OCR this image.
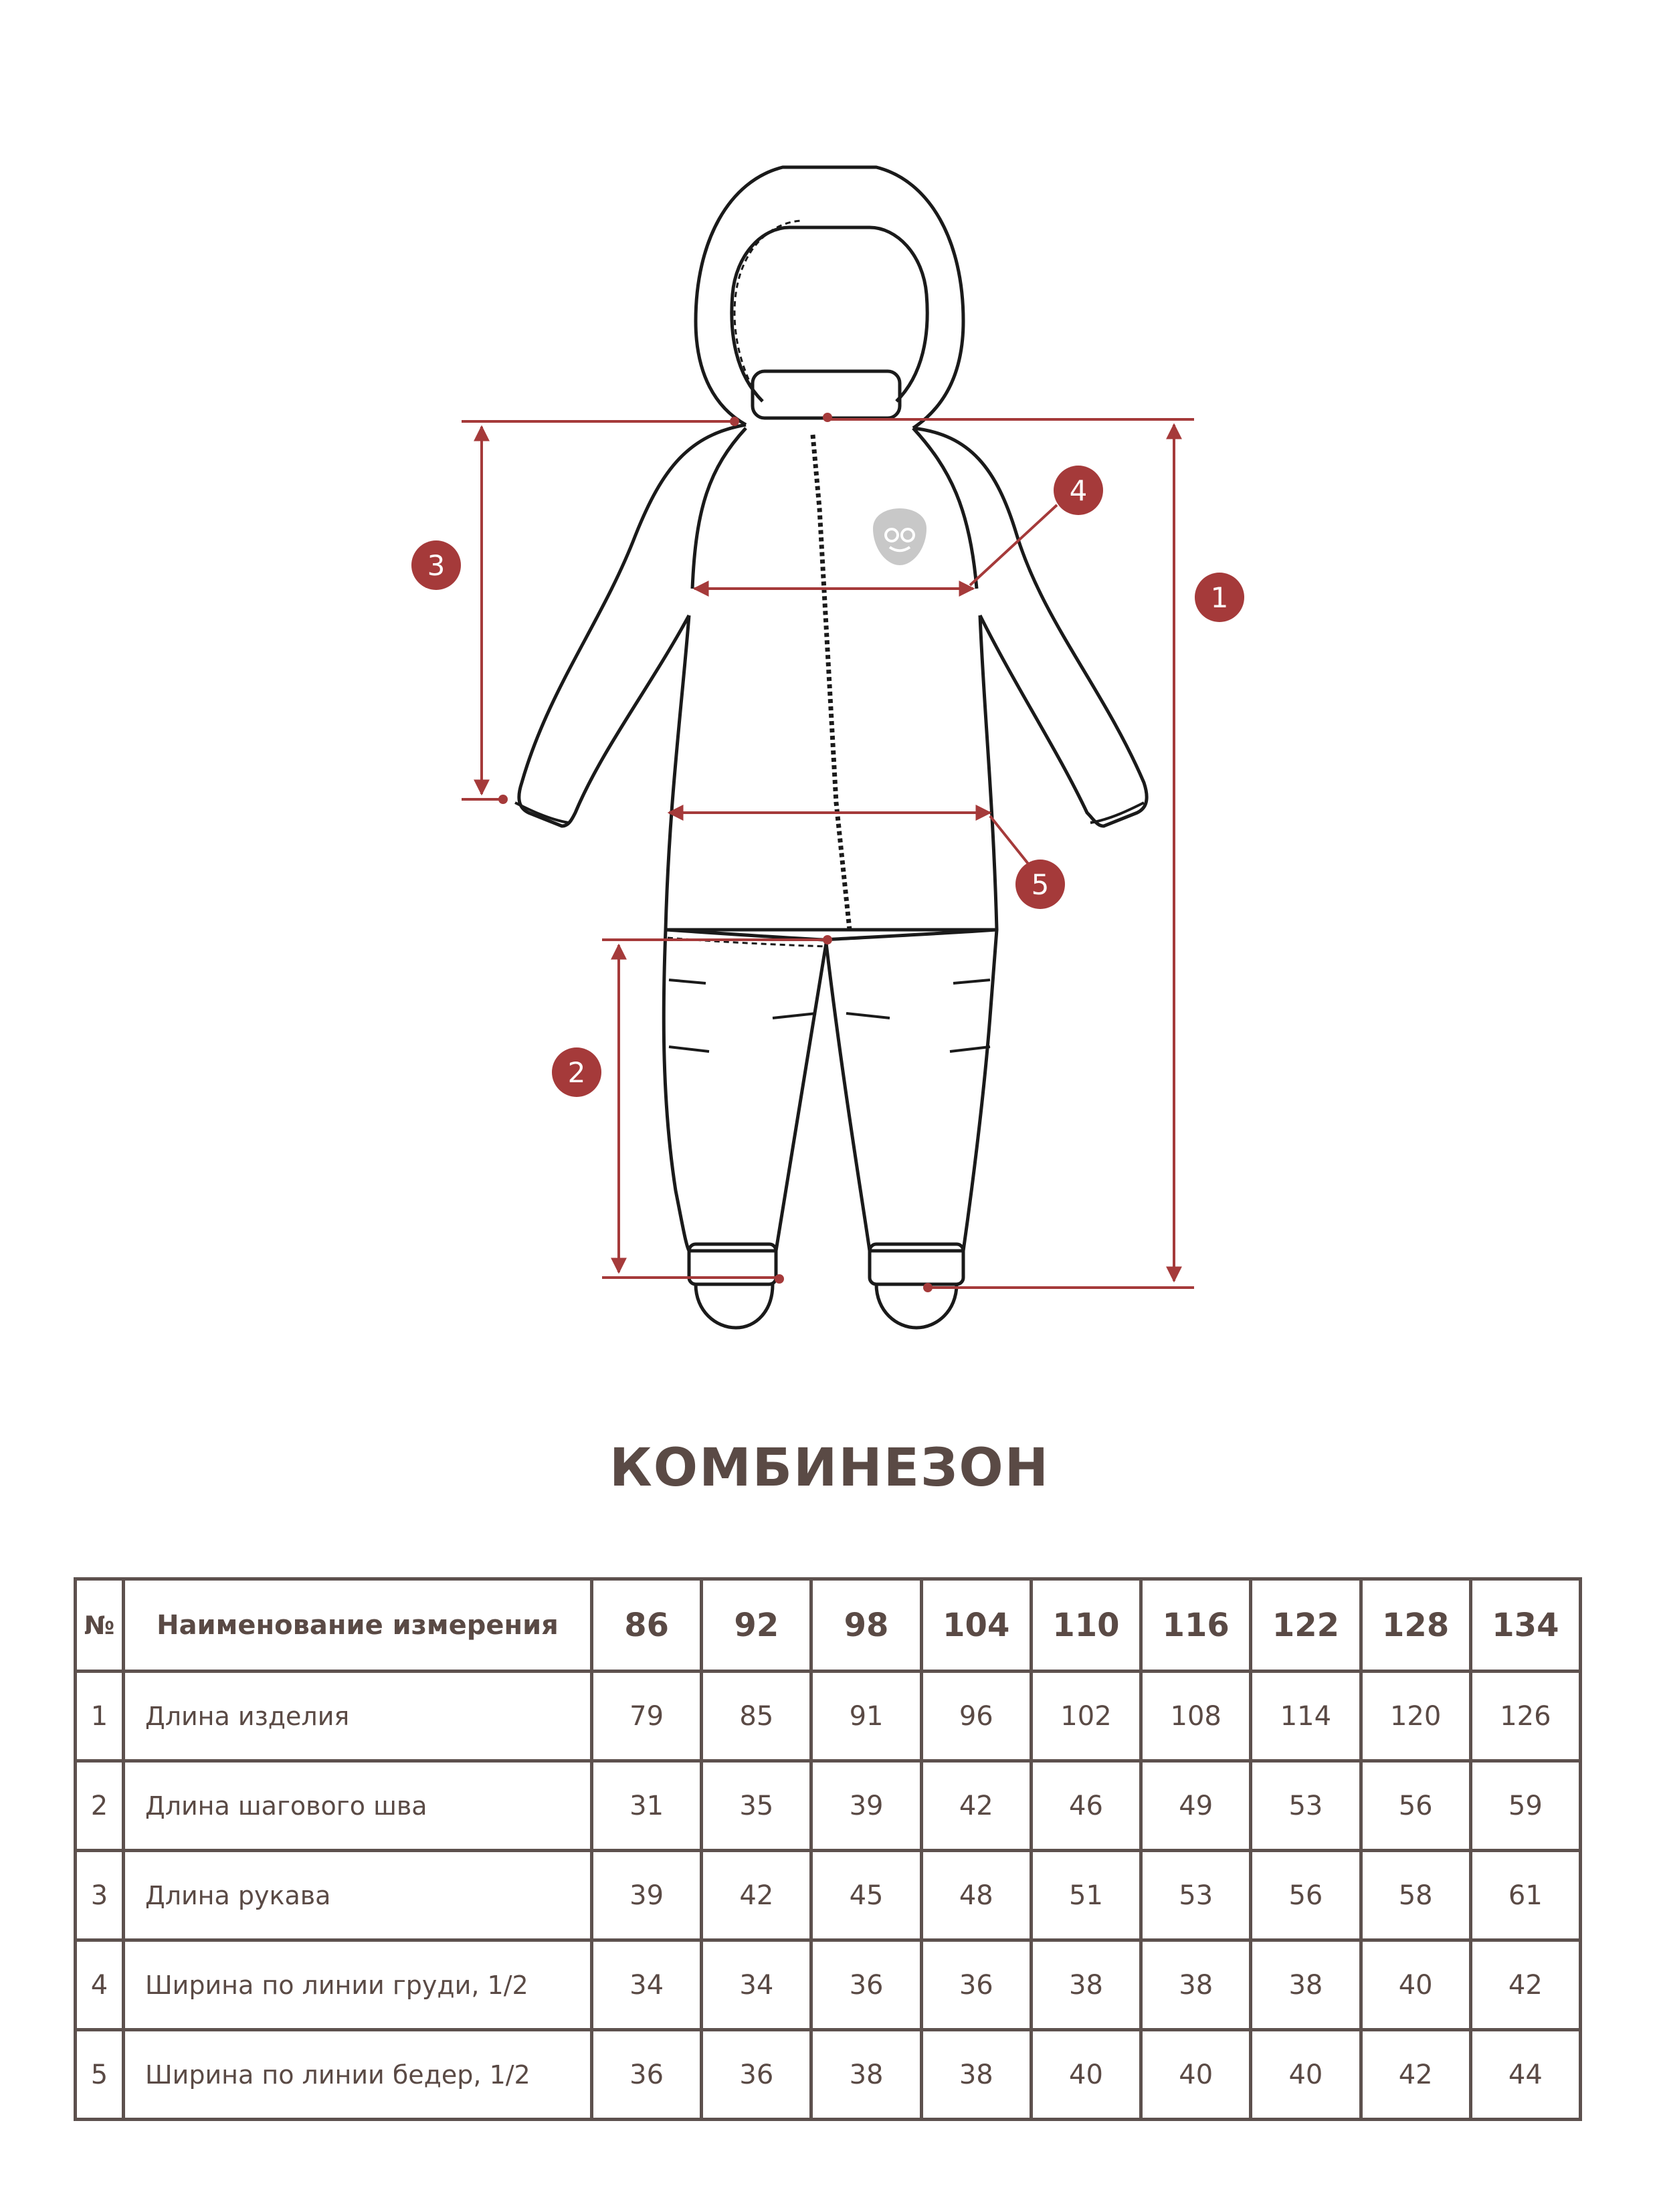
1
2
3
4
5
КОМБИНЕЗОН
№	Наименование измерения	86	92	98	104	110	116	122	128	134
1	Длина изделия	79	85	91	96	102	108	114	120	126
2	Длина шагового шва	31	35	39	42	46	49	53	56	59
3	Длина рукава	39	42	45	48	51	53	56	58	61
4	Ширина по линии груди, 1/2	34	34	36	36	38	38	38	40	42
5	Ширина по линии бедер, 1/2	36	36	38	38	40	40	40	42	44
